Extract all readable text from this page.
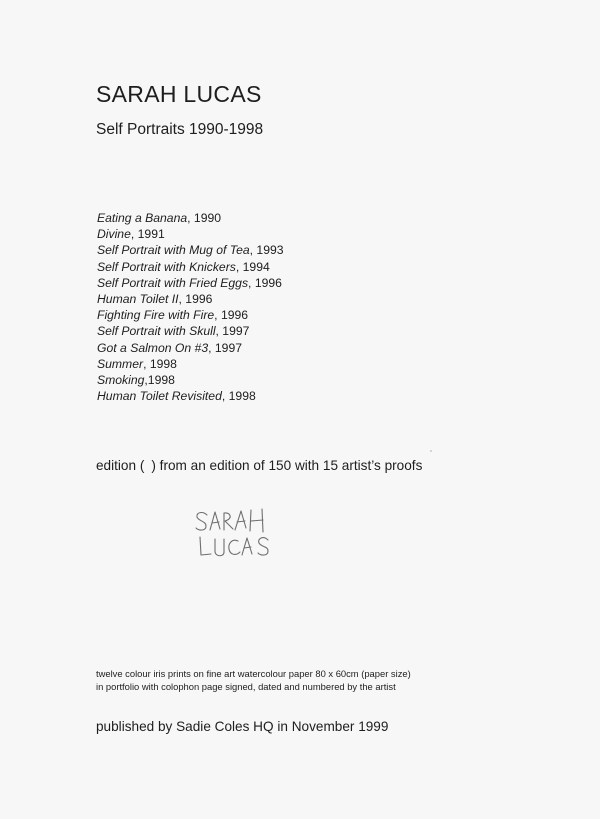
SARAH LUCAS
Self Portraits 1990-1998
Eating a Banana, 1990
Divine, 1991
Self Portrait with Mug of Tea, 1993
Self Portrait with Knickers, 1994
Self Portrait with Fried Eggs, 1996
Human Toilet II, 1996
Fighting Fire with Fire, 1996
Self Portrait with Skull, 1997
Got a Salmon On #3, 1997
Summer, 1998
Smoking,1998
Human Toilet Revisited, 1998
edition ( ) from an edition of 150 with 15 artist’s proofs
twelve colour iris prints on fine art watercolour paper 80 x 60cm (paper size)
in portfolio with colophon page signed, dated and numbered by the artist
published by Sadie Coles HQ in November 1999
